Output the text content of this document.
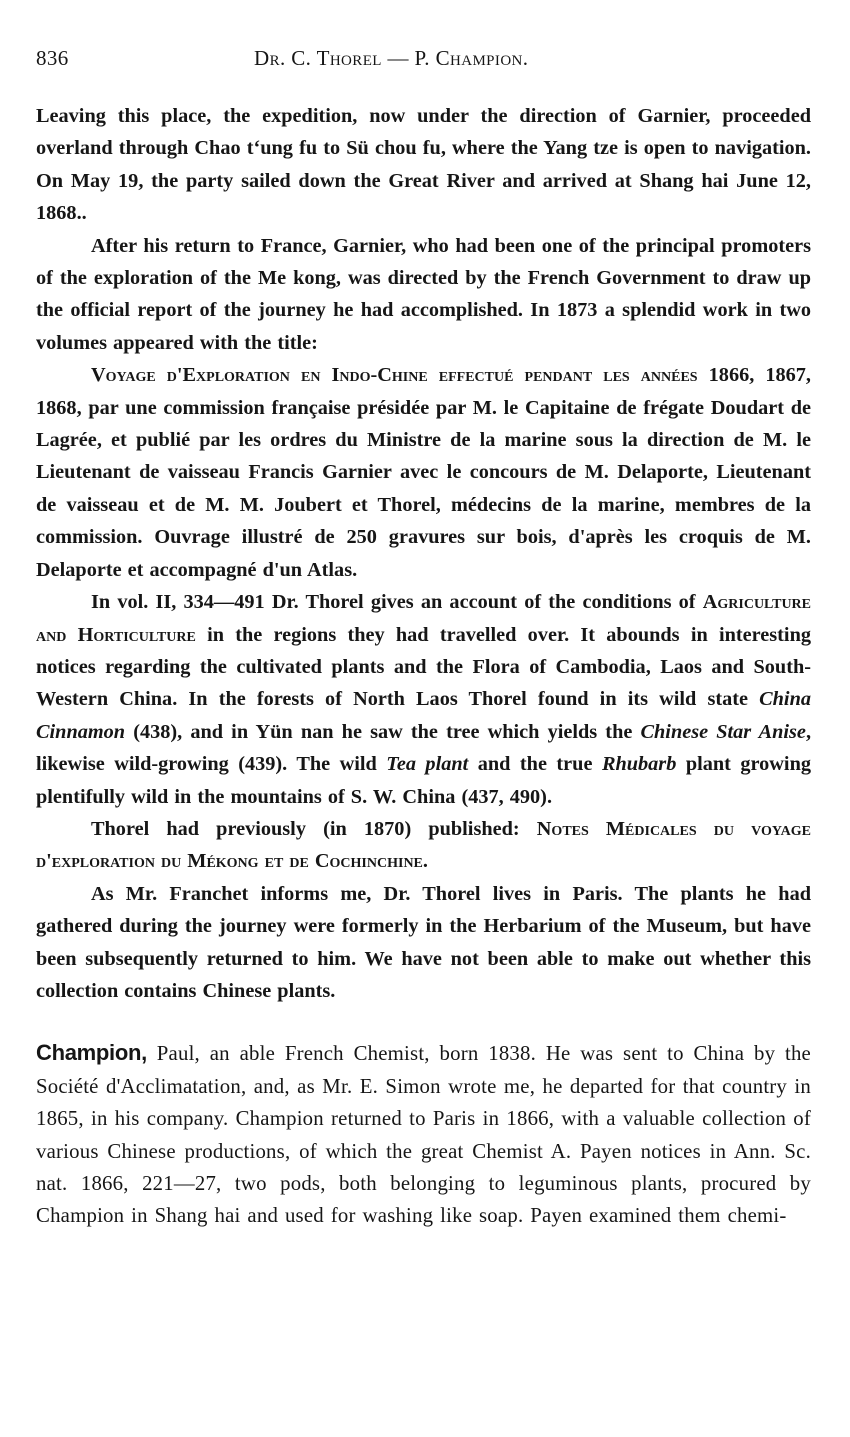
836	Dr. C. Thorel — P. Champion.

Leaving this place, the expedition, now under the direction of Garnier, proceeded overland through Chao tʻung fu to Sü chou fu, where the Yang tze is open to navigation. On May 19, the party sailed down the Great River and arrived at Shang hai June 12, 1868..

After his return to France, Garnier, who had been one of the principal promoters of the exploration of the Me kong, was directed by the French Government to draw up the official report of the journey he had accomplished. In 1873 a splendid work in two volumes appeared with the title:

Voyage d'Exploration en Indo-Chine effectué pendant les années 1866, 1867, 1868, par une commission française présidée par M. le Capitaine de frégate Doudart de Lagrée, et publié par les ordres du Ministre de la marine sous la direction de M. le Lieutenant de vaisseau Francis Garnier avec le concours de M. Delaporte, Lieutenant de vaisseau et de M. M. Joubert et Thorel, médecins de la marine, membres de la commission. Ouvrage illustré de 250 gravures sur bois, d'après les croquis de M. Delaporte et accompagné d'un Atlas.

In vol. II, 334—491 Dr. Thorel gives an account of the conditions of Agriculture and Horticulture in the regions they had travelled over. It abounds in interesting notices regarding the cultivated plants and the Flora of Cambodia, Laos and South-Western China. In the forests of North Laos Thorel found in its wild state China Cinnamon (438), and in Yün nan he saw the tree which yields the Chinese Star Anise, likewise wild-growing (439). The wild Tea plant and the true Rhubarb plant growing plentifully wild in the mountains of S. W. China (437, 490).

Thorel had previously (in 1870) published: Notes Médicales du voyage d'exploration du Mékong et de Cochinchine.

As Mr. Franchet informs me, Dr. Thorel lives in Paris. The plants he had gathered during the journey were formerly in the Herbarium of the Museum, but have been subsequently returned to him. We have not been able to make out whether this collection contains Chinese plants.

Champion, Paul, an able French Chemist, born 1838. He was sent to China by the Société d'Acclimatation, and, as Mr. E. Simon wrote me, he departed for that country in 1865, in his company. Champion returned to Paris in 1866, with a valuable collection of various Chinese productions, of which the great Chemist A. Payen notices in Ann. Sc. nat. 1866, 221—27, two pods, both belonging to leguminous plants, procured by Champion in Shang hai and used for washing like soap. Payen examined them chemi-
